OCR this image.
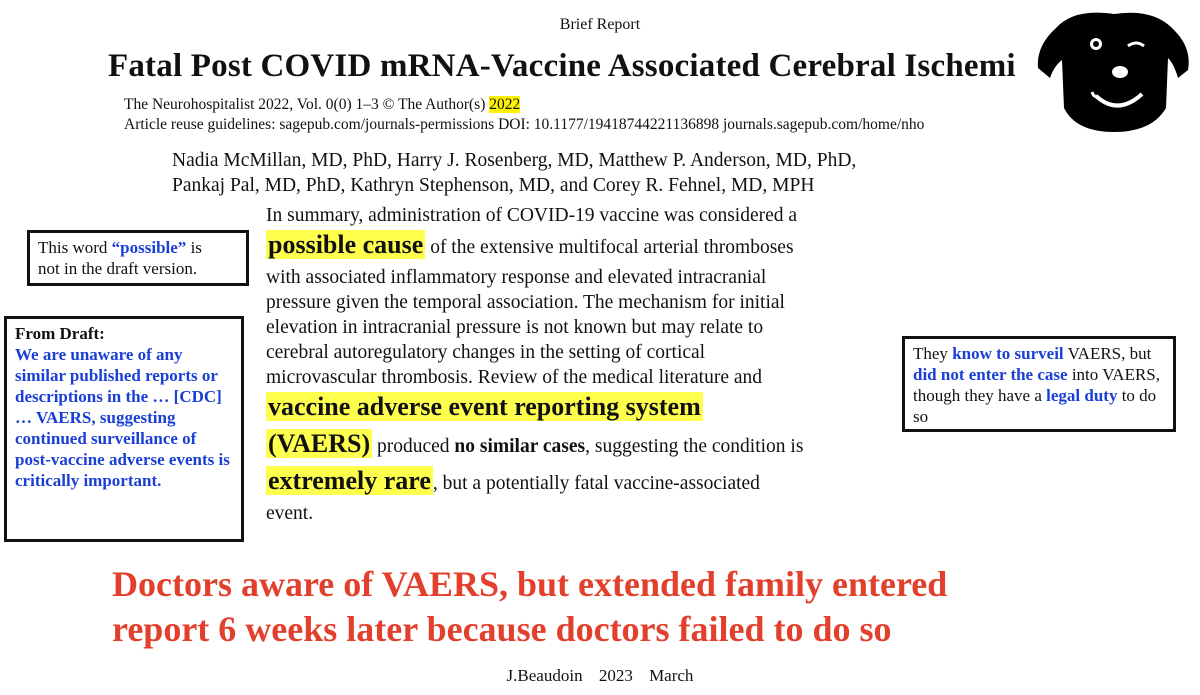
Brief Report
Fatal Post COVID mRNA-Vaccine Associated Cerebral Ischemi
The Neurohospitalist 2022, Vol. 0(0) 1–3 © The Author(s) 2022
Article reuse guidelines: sagepub.com/journals-permissions DOI: 10.1177/19418744221136898 journals.sagepub.com/home/nho
Nadia McMillan, MD, PhD, Harry J. Rosenberg, MD, Matthew P. Anderson, MD, PhD,
Pankaj Pal, MD, PhD, Kathryn Stephenson, MD, and Corey R. Fehnel, MD, MPH
In summary, administration of COVID-19 vaccine was considered a
possible cause of the extensive multifocal arterial thromboses
with associated inflammatory response and elevated intracranial
pressure given the temporal association. The mechanism for initial
elevation in intracranial pressure is not known but may relate to
cerebral autoregulatory changes in the setting of cortical
microvascular thrombosis. Review of the medical literature and
vaccine adverse event reporting system
(VAERS) produced no similar cases, suggesting the condition is
extremely rare , but a potentially fatal vaccine-associated
event.
This word “possible” is
not in the draft version.
From Draft:
We are unaware of any similar published reports or descriptions in the … [CDC] … VAERS, suggesting continued surveillance of post-vaccine adverse events is critically important.
They know to surveil VAERS, but did not enter the case into VAERS, though they have a legal duty to do so
Doctors aware of VAERS, but extended family entered
report 6 weeks later because doctors failed to do so
J.Beaudoin 2023 March
